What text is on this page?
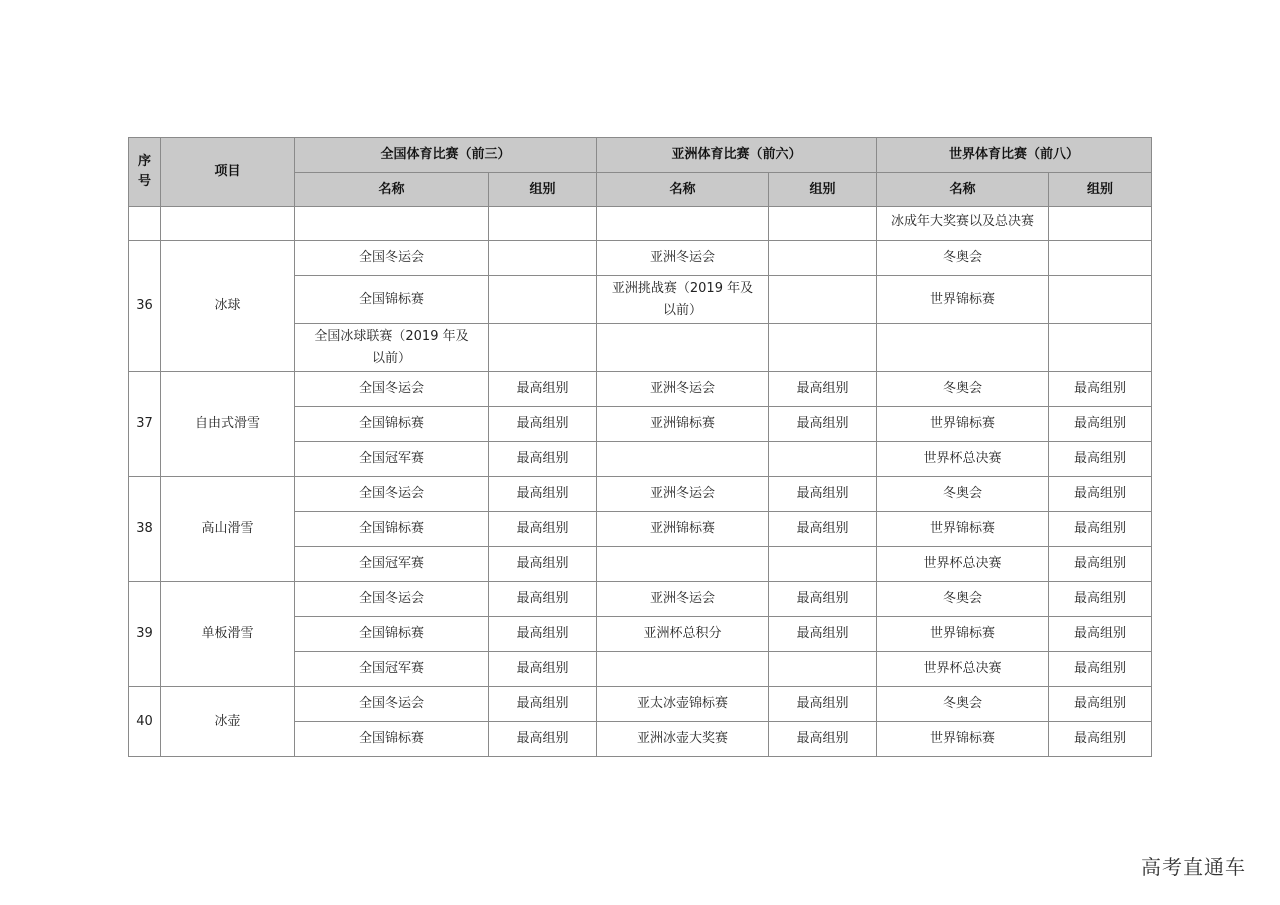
序号	项目	全国体育比赛（前三）		亚洲体育比赛（前六）		世界体育比赛（前八）	
		名称	组别	名称	组别	名称	组别
						冰成年大奖赛以及总决赛	
36	冰球	全国冬运会		亚洲冬运会		冬奥会	
		全国锦标赛		亚洲挑战赛（2019 年及以前）		世界锦标赛	
		全国冰球联赛（2019 年及以前）					
37	自由式滑雪	全国冬运会	最高组别	亚洲冬运会	最高组别	冬奥会	最高组别
		全国锦标赛	最高组别	亚洲锦标赛	最高组别	世界锦标赛	最高组别
		全国冠军赛	最高组别			世界杯总决赛	最高组别
38	高山滑雪	全国冬运会	最高组别	亚洲冬运会	最高组别	冬奥会	最高组别
		全国锦标赛	最高组别	亚洲锦标赛	最高组别	世界锦标赛	最高组别
		全国冠军赛	最高组别			世界杯总决赛	最高组别
39	单板滑雪	全国冬运会	最高组别	亚洲冬运会	最高组别	冬奥会	最高组别
		全国锦标赛	最高组别	亚洲杯总积分	最高组别	世界锦标赛	最高组别
		全国冠军赛	最高组别			世界杯总决赛	最高组别
40	冰壶	全国冬运会	最高组别	亚太冰壶锦标赛	最高组别	冬奥会	最高组别
		全国锦标赛	最高组别	亚洲冰壶大奖赛	最高组别	世界锦标赛	最高组别
高考直通车
